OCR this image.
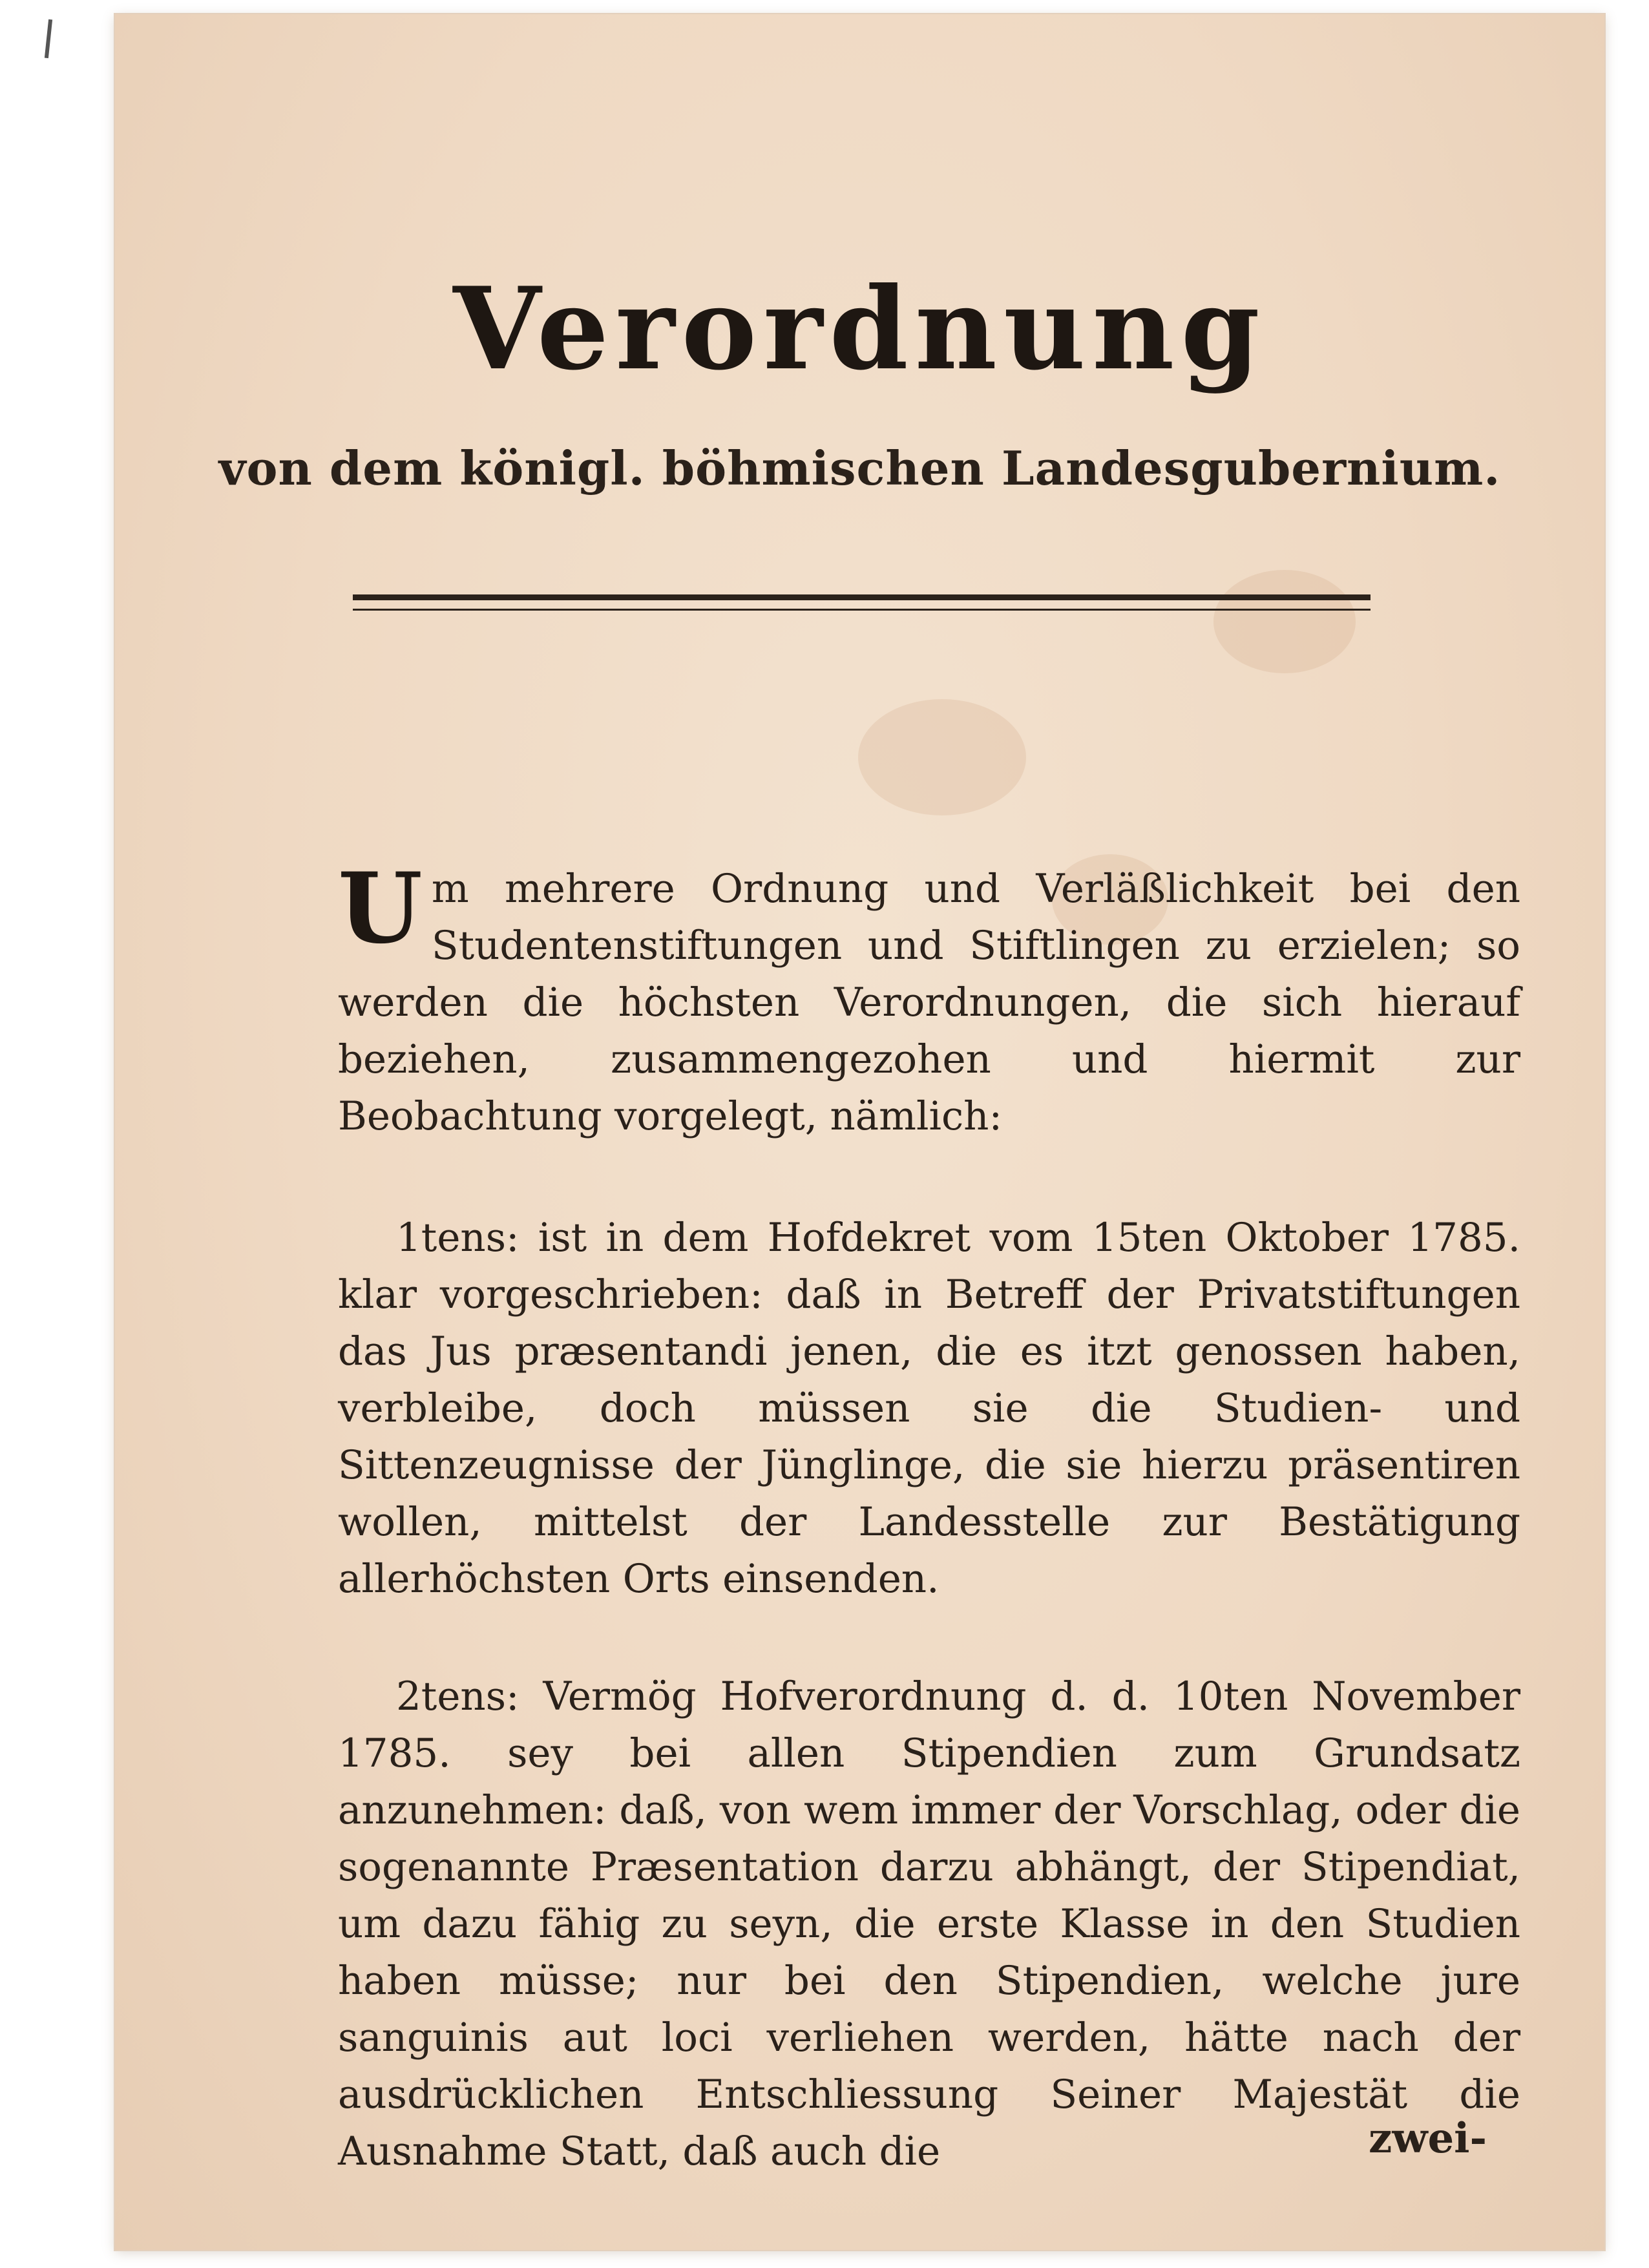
Verordnung
von dem königl. böhmischen Landesgubernium.
Um mehrere Ordnung und Verläßlichkeit bei den Studentenstiftungen und Stiftlingen zu erzielen; so werden die höchsten Verordnungen, die sich hierauf beziehen, zusammengezohen und hiermit zur Beobachtung vorgelegt, nämlich:
1tens: ist in dem Hofdekret vom 15ten Oktober 1785. klar vorgeschrieben: daß in Betreff der Privatstiftungen das Jus præsentandi jenen, die es itzt genossen haben, verbleibe, doch müssen sie die Studien- und Sittenzeugnisse der Jünglinge, die sie hierzu präsentiren wollen, mittelst der Landesstelle zur Bestätigung allerhöchsten Orts einsenden.
2tens: Vermög Hofverordnung d. d. 10ten November 1785. sey bei allen Stipendien zum Grundsatz anzunehmen: daß, von wem immer der Vorschlag, oder die sogenannte Præsentation darzu abhängt, der Stipendiat, um dazu fähig zu seyn, die erste Klasse in den Studien haben müsse; nur bei den Stipendien, welche jure sanguinis aut loci verliehen werden, hätte nach der ausdrücklichen Entschliessung Seiner Majestät die Ausnahme Statt, daß auch die	zwei-
